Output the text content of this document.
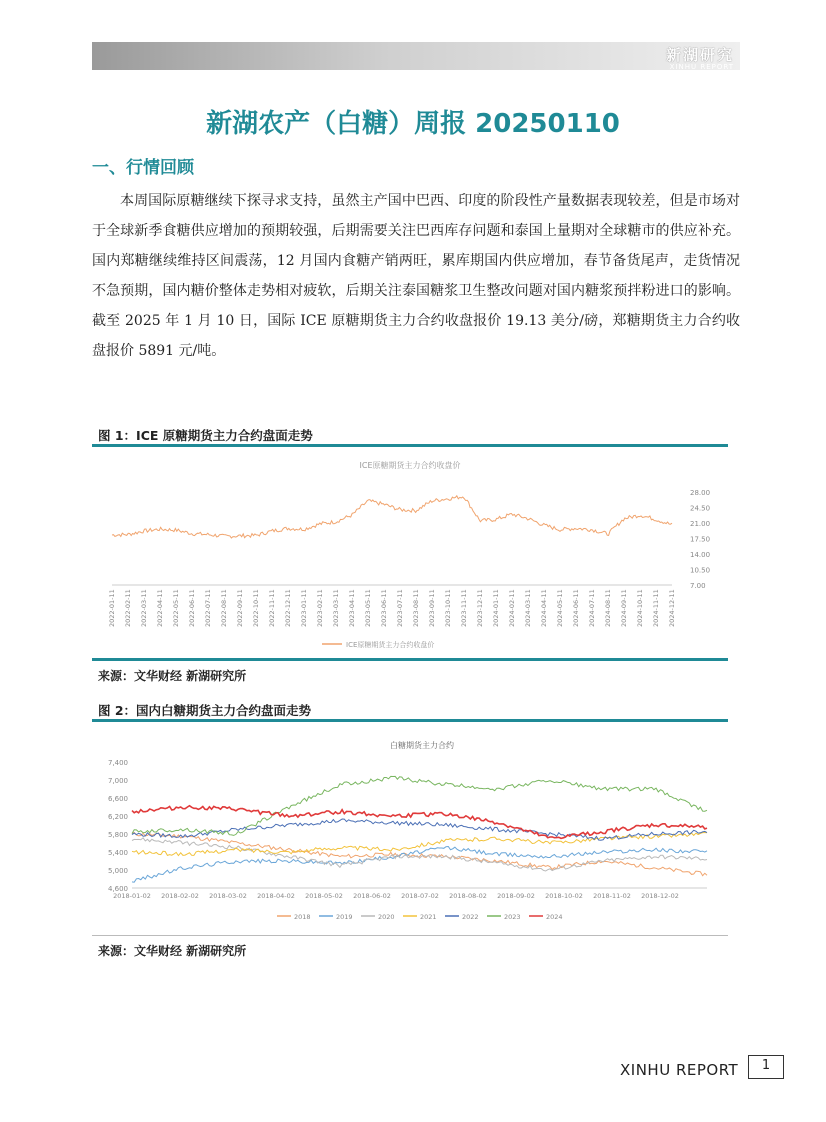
新湖研究
XINHU REPORT
新湖农产（白糖）周报 20250110
一、行情回顾
本周国际原糖继续下探寻求支持，虽然主产国中巴西、印度的阶段性产量数据表现较差，但是市场对于全球新季食糖供应增加的预期较强，后期需要关注巴西库存问题和泰国上量期对全球糖市的供应补充。国内郑糖继续维持区间震荡，12 月国内食糖产销两旺，累库期国内供应增加，春节备货尾声，走货情况不急预期，国内糖价整体走势相对疲软，后期关注泰国糖浆卫生整改问题对国内糖浆预拌粉进口的影响。截至 2025 年 1 月 10 日，国际 ICE 原糖期货主力合约收盘报价 19.13 美分/磅，郑糖期货主力合约收盘报价 5891 元/吨。
图 1：ICE 原糖期货主力合约盘面走势
ICE原糖期货主力合约收盘价
28.00
24.50
21.00
17.50
14.00
10.50
7.00
2022-01-11 2022-02-11 2022-03-11 2022-04-11 2022-05-11 2022-06-11 2022-07-11 2022-08-11 2022-09-11 2022-10-11 2022-11-11 2022-12-11 2023-01-11 2023-02-11 2023-03-11 2023-04-11 2023-05-11 2023-06-11 2023-07-11 2023-08-11 2023-09-11 2023-10-11 2023-11-11 2023-12-11 2024-01-11 2024-02-11 2024-03-11 2024-04-11 2024-05-11 2024-06-11 2024-07-11 2024-08-11 2024-09-11 2024-10-11 2024-11-11 2024-12-11
ICE原糖期货主力合约收盘价
来源：文华财经 新湖研究所
图 2：国内白糖期货主力合约盘面走势
白糖期货主力合约
7,400
7,000
6,600
6,200
5,800
5,400
5,000
4,600
2018-01-02 2018-02-02 2018-03-02 2018-04-02 2018-05-02 2018-06-02 2018-07-02 2018-08-02 2018-09-02 2018-10-02 2018-11-02 2018-12-02
2018	2019	2020	2021	2022	2023	2024
来源：文华财经 新湖研究所
XINHU REPORT	1
